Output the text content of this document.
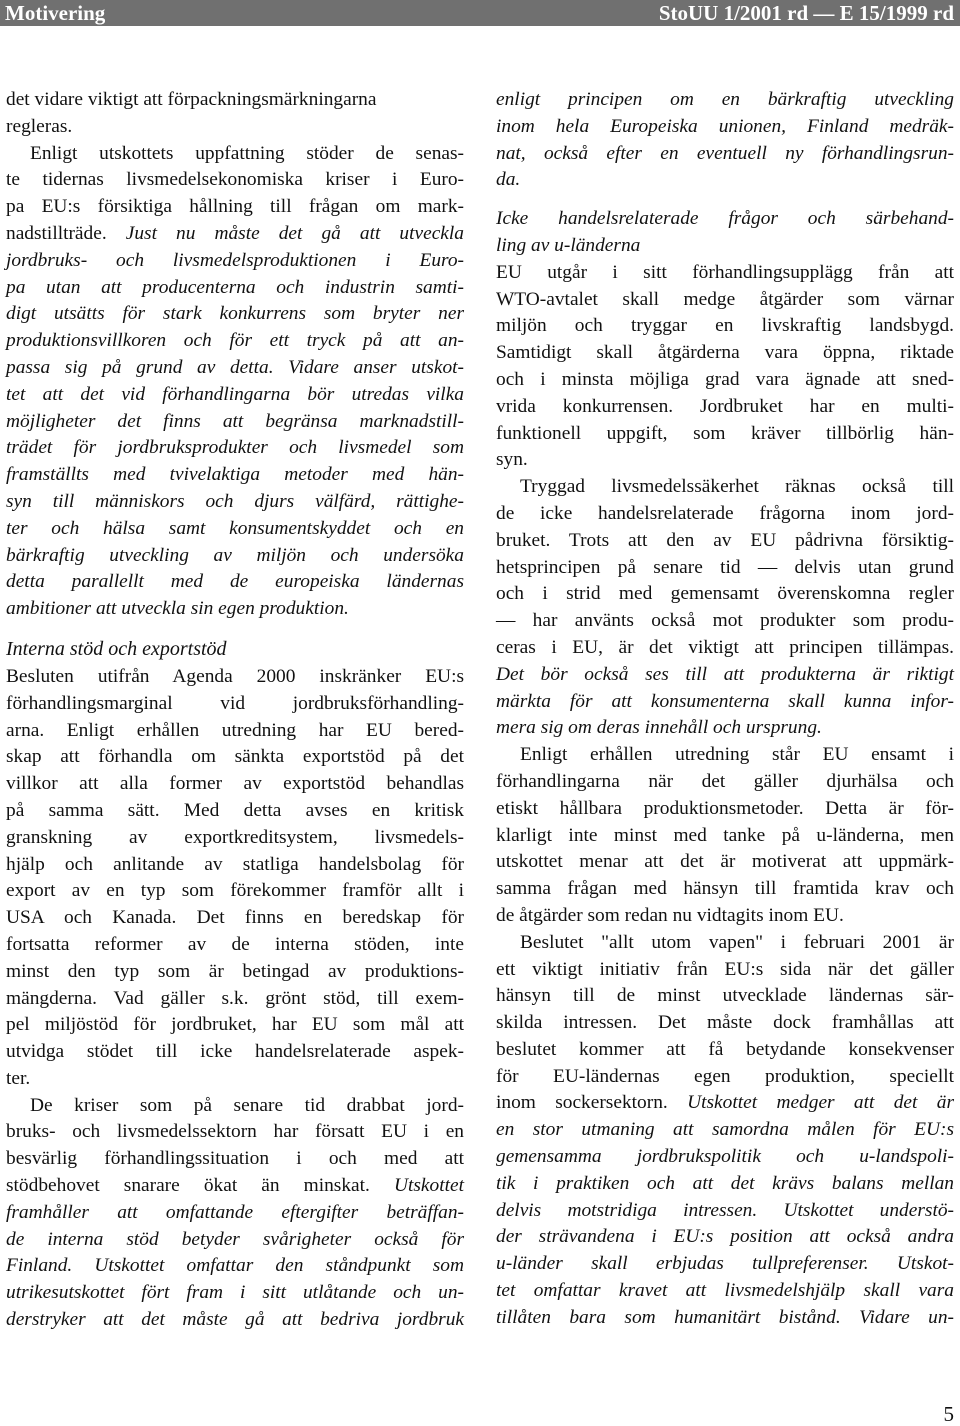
Motivering	StoUU 1/2001 rd — E 15/1999 rd
det vidare viktigt att förpackningsmärkningarna
regleras.
Enligt utskottets uppfattning stöder de senas-
te tidernas livsmedelsekonomiska kriser i Euro-
pa EU:s försiktiga hållning till frågan om mark-
nadstillträde. Just nu måste det gå att utveckla
jordbruks- och livsmedelsproduktionen i Euro-
pa utan att producenterna och industrin samti-
digt utsätts för stark konkurrens som bryter ner
produktionsvillkoren och för ett tryck på att an-
passa sig på grund av detta. Vidare anser utskot-
tet att det vid förhandlingarna bör utredas vilka
möjligheter det finns att begränsa marknadstill-
trädet för jordbruksprodukter och livsmedel som
framställts med tvivelaktiga metoder med hän-
syn till människors och djurs välfärd, rättighe-
ter och hälsa samt konsumentskyddet och en
bärkraftig utveckling av miljön och undersöka
detta parallellt med de europeiska ländernas
ambitioner att utveckla sin egen produktion.
Interna stöd och exportstöd
Besluten utifrån Agenda 2000 inskränker EU:s
förhandlingsmarginal vid jordbruksförhandling-
arna. Enligt erhållen utredning har EU bered-
skap att förhandla om sänkta exportstöd på det
villkor att alla former av exportstöd behandlas
på samma sätt. Med detta avses en kritisk
granskning av exportkreditsystem, livsmedels-
hjälp och anlitande av statliga handelsbolag för
export av en typ som förekommer framför allt i
USA och Kanada. Det finns en beredskap för
fortsatta reformer av de interna stöden, inte
minst den typ som är betingad av produktions-
mängderna. Vad gäller s.k. grönt stöd, till exem-
pel miljöstöd för jordbruket, har EU som mål att
utvidga stödet till icke handelsrelaterade aspek-
ter.
De kriser som på senare tid drabbat jord-
bruks- och livsmedelssektorn har försatt EU i en
besvärlig förhandlingssituation i och med att
stödbehovet snarare ökat än minskat. Utskottet
framhåller att omfattande eftergifter beträffan-
de interna stöd betyder svårigheter också för
Finland. Utskottet omfattar den ståndpunkt som
utrikesutskottet fört fram i sitt utlåtande och un-
derstryker att det måste gå att bedriva jordbruk
enligt principen om en bärkraftig utveckling
inom hela Europeiska unionen, Finland medräk-
nat, också efter en eventuell ny förhandlingsrun-
da.
Icke handelsrelaterade frågor och särbehand-
ling av u-länderna
EU utgår i sitt förhandlingsupplägg från att
WTO-avtalet skall medge åtgärder som värnar
miljön och tryggar en livskraftig landsbygd.
Samtidigt skall åtgärderna vara öppna, riktade
och i minsta möjliga grad vara ägnade att sned-
vrida konkurrensen. Jordbruket har en multi-
funktionell uppgift, som kräver tillbörlig hän-
syn.
Tryggad livsmedelssäkerhet räknas också till
de icke handelsrelaterade frågorna inom jord-
bruket. Trots att den av EU pådrivna försiktig-
hetsprincipen på senare tid — delvis utan grund
och i strid med gemensamt överenskomna regler
— har använts också mot produkter som produ-
ceras i EU, är det viktigt att principen tillämpas.
Det bör också ses till att produkterna är riktigt
märkta för att konsumenterna skall kunna infor-
mera sig om deras innehåll och ursprung.
Enligt erhållen utredning står EU ensamt i
förhandlingarna när det gäller djurhälsa och
etiskt hållbara produktionsmetoder. Detta är för-
klarligt inte minst med tanke på u-länderna, men
utskottet menar att det är motiverat att uppmärk-
samma frågan med hänsyn till framtida krav och
de åtgärder som redan nu vidtagits inom EU.
Beslutet "allt utom vapen" i februari 2001 är
ett viktigt initiativ från EU:s sida när det gäller
hänsyn till de minst utvecklade ländernas sär-
skilda intressen. Det måste dock framhållas att
beslutet kommer att få betydande konsekvenser
för EU-ländernas egen produktion, speciellt
inom sockersektorn. Utskottet medger att det är
en stor utmaning att samordna målen för EU:s
gemensamma jordbrukspolitik och u-landspoli-
tik i praktiken och att det krävs balans mellan
delvis motstridiga intressen. Utskottet understö-
der strävandena i EU:s position att också andra
u-länder skall erbjudas tullpreferenser. Utskot-
tet omfattar kravet att livsmedelshjälp skall vara
tillåten bara som humanitärt bistånd. Vidare un-
5
